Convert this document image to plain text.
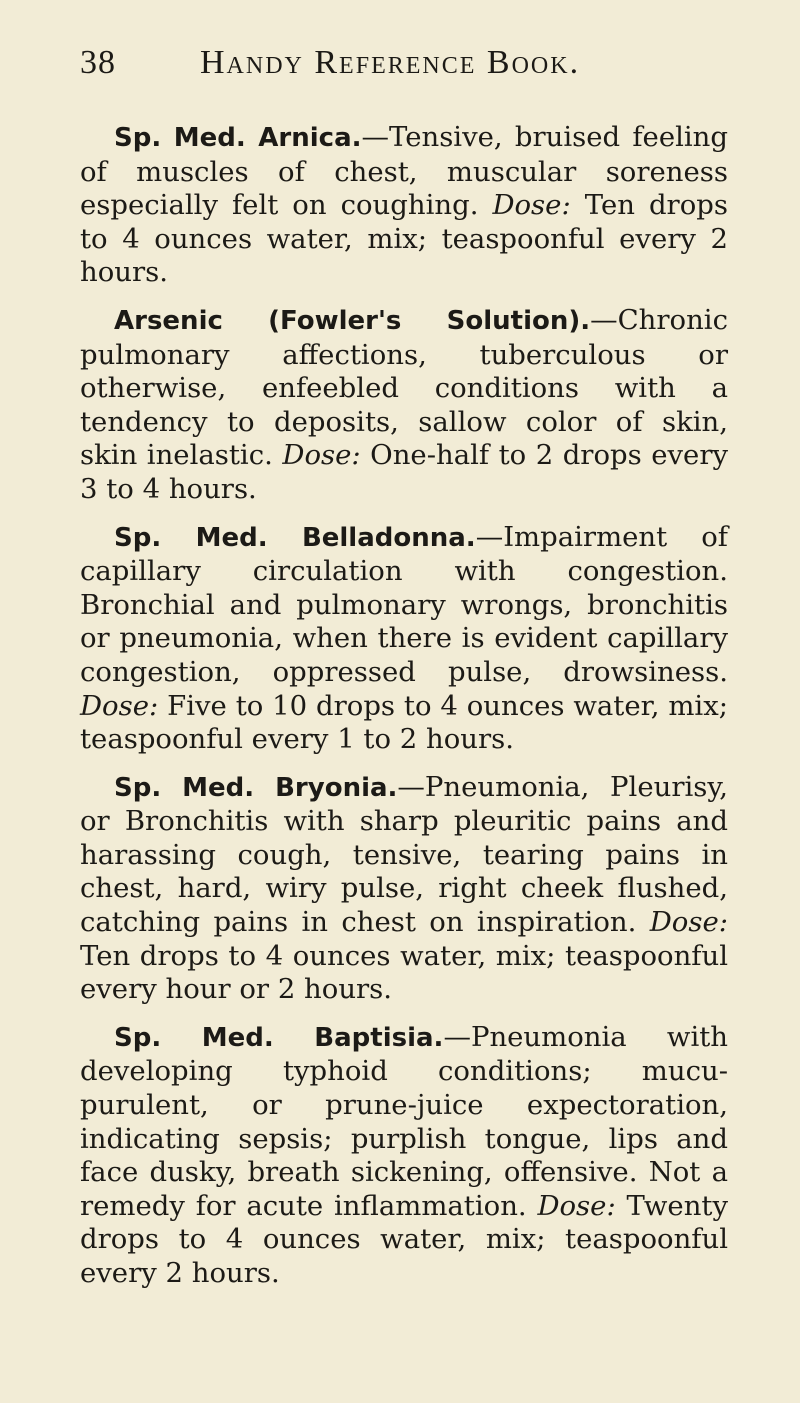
38	Handy Reference Book.

Sp. Med. Arnica.—Tensive, bruised feeling of muscles of chest, muscular soreness especially felt on coughing. Dose: Ten drops to 4 ounces water, mix; teaspoonful every 2 hours.

Arsenic (Fowler's Solution).—Chronic pulmonary affections, tuberculous or otherwise, enfeebled conditions with a tendency to deposits, sallow color of skin, skin inelastic. Dose: One-half to 2 drops every 3 to 4 hours.

Sp. Med. Belladonna.—Impairment of capillary circulation with congestion. Bronchial and pulmonary wrongs, bronchitis or pneumonia, when there is evident capillary congestion, oppressed pulse, drowsiness. Dose: Five to 10 drops to 4 ounces water, mix; teaspoonful every 1 to 2 hours.

Sp. Med. Bryonia.—Pneumonia, Pleurisy, or Bronchitis with sharp pleuritic pains and harassing cough, tensive, tearing pains in chest, hard, wiry pulse, right cheek flushed, catching pains in chest on inspiration. Dose: Ten drops to 4 ounces water, mix; teaspoonful every hour or 2 hours.

Sp. Med. Baptisia.—Pneumonia with developing typhoid conditions; mucu-purulent, or prune-juice expectoration, indicating sepsis; purplish tongue, lips and face dusky, breath sickening, offensive. Not a remedy for acute inflammation. Dose: Twenty drops to 4 ounces water, mix; teaspoonful every 2 hours.
